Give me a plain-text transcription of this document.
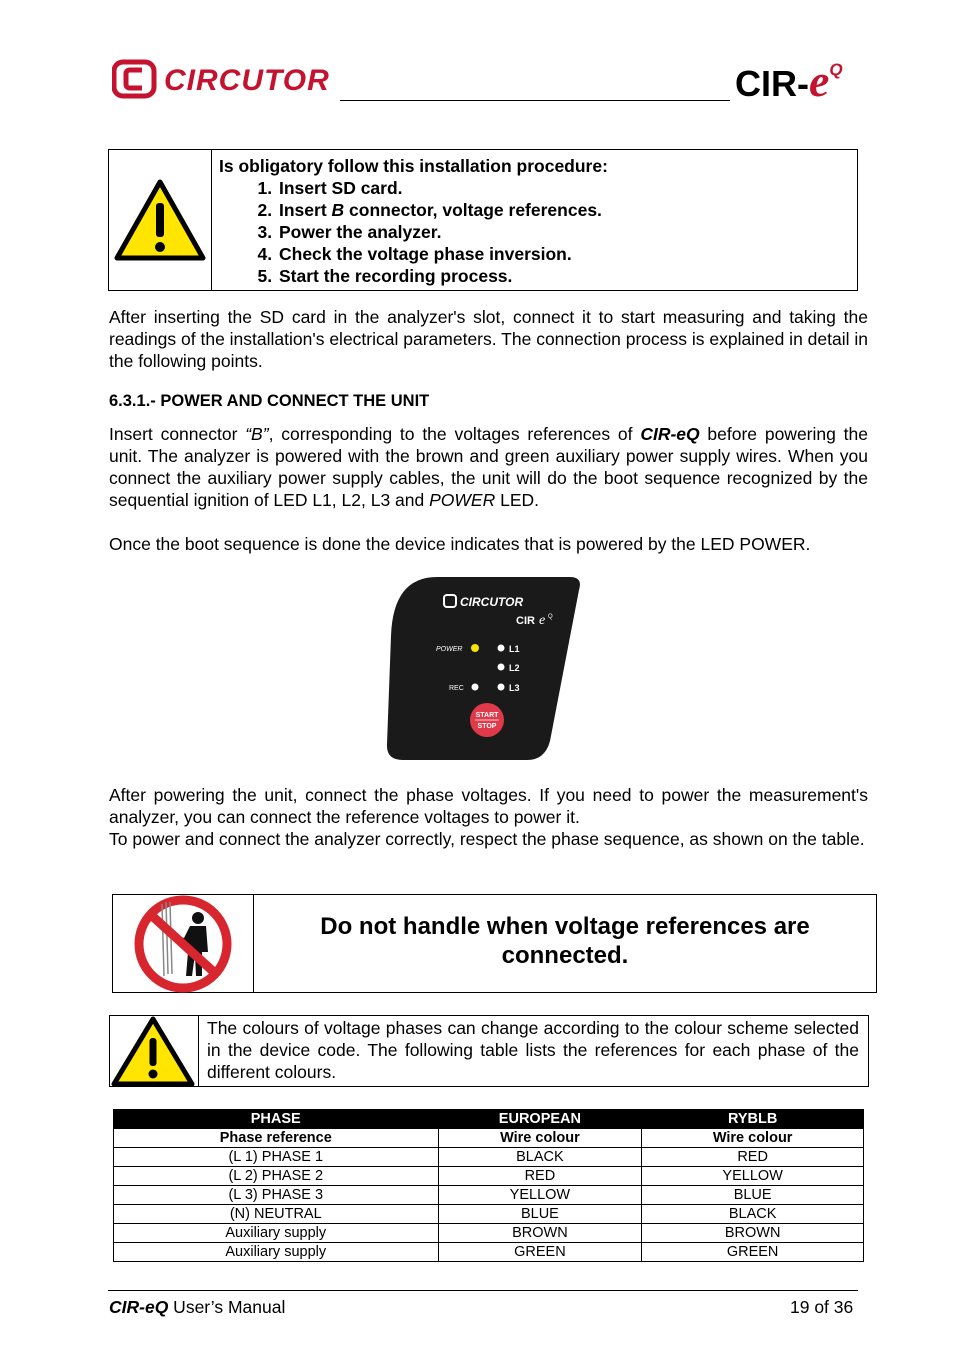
CIRCUTOR	CIR-$e^Q$
Is obligatory follow this installation procedure:
1. Insert SD card.
2. Insert B connector, voltage references.
3. Power the analyzer.
4. Check the voltage phase inversion.
5. Start the recording process.

After inserting the SD card in the analyzer's slot, connect it to start measuring and taking the readings of the installation's electrical parameters. The connection process is explained in detail in the following points.

6.3.1.- POWER AND CONNECT THE UNIT

Insert connector “B”, corresponding to the voltages references of CIR-eQ before powering the unit. The analyzer is powered with the brown and green auxiliary power supply wires. When you connect the auxiliary power supply cables, the unit will do the boot sequence recognized by the sequential ignition of LED L1, L2, L3 and POWER LED.

Once the boot sequence is done the device indicates that is powered by the LED POWER.

CIRCUTOR
CIR e Q
POWER	L1
L2
REC	L3
START
STOP

After powering the unit, connect the phase voltages. If you need to power the measurement's analyzer, you can connect the reference voltages to power it.

To power and connect the analyzer correctly, respect the phase sequence, as shown on the table.

Do not handle when voltage references are connected.
The colours of voltage phases can change according to the colour scheme selected in the device code. The following table lists the references for each phase of the different colours.
PHASE	EUROPEAN	RYBLB
Phase reference	Wire colour	Wire colour
(L 1) PHASE 1	BLACK	RED
(L 2) PHASE 2	RED	YELLOW
(L 3) PHASE 3	YELLOW	BLUE
(N) NEUTRAL	BLUE	BLACK
Auxiliary supply	BROWN	BROWN
Auxiliary supply	GREEN	GREEN
CIR-eQ User’s Manual	19 of 36
